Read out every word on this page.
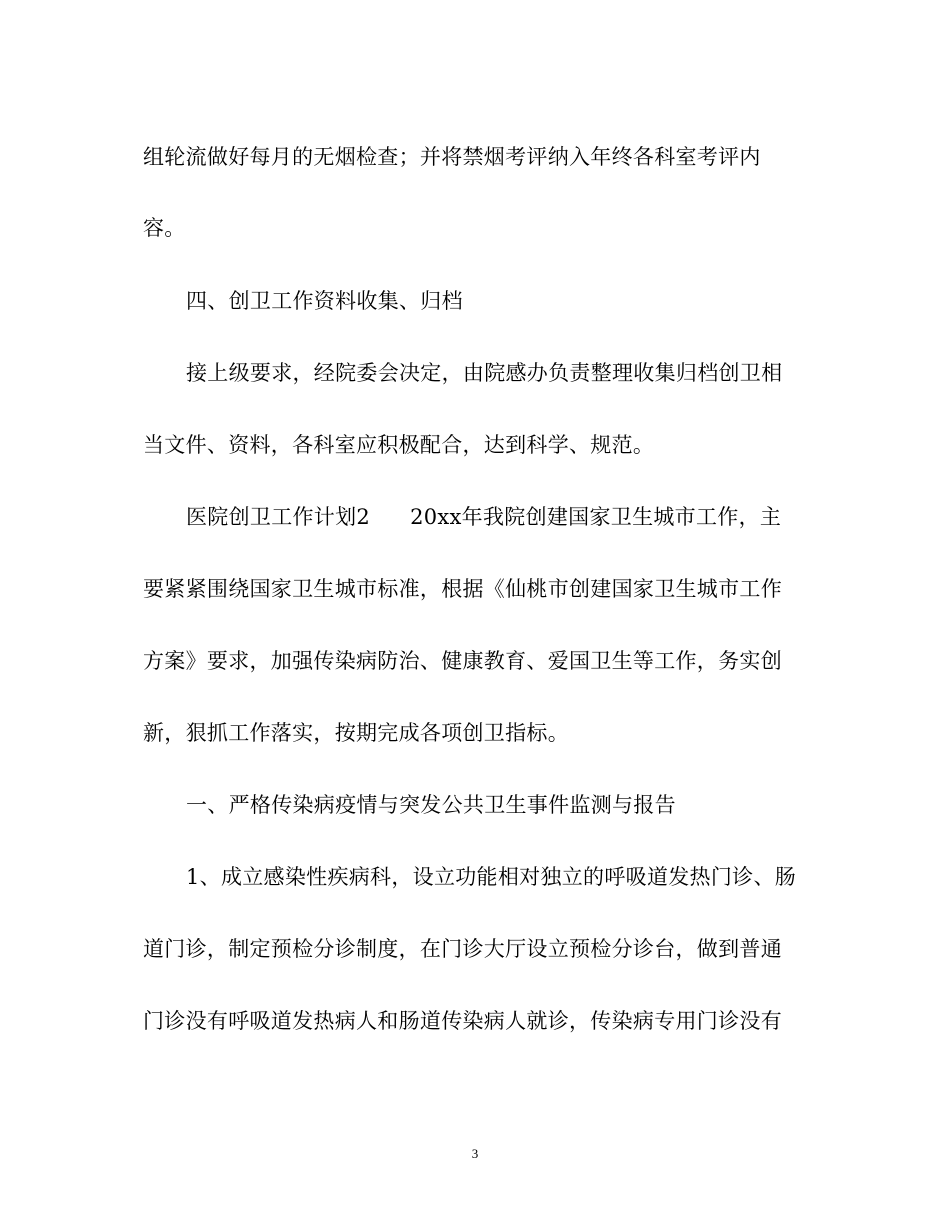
组轮流做好每月的无烟检查；并将禁烟考评纳入年终各科室考评内
容。
四、创卫工作资料收集、归档
接上级要求，经院委会决定，由院感办负责整理收集归档创卫相
当文件、资料，各科室应积极配合，达到科学、规范。
医院创卫工作计划2 20xx年我院创建国家卫生城市工作，主
要紧紧围绕国家卫生城市标准，根据《仙桃市创建国家卫生城市工作
方案》要求，加强传染病防治、健康教育、爱国卫生等工作，务实创
新，狠抓工作落实，按期完成各项创卫指标。
一、严格传染病疫情与突发公共卫生事件监测与报告
1、成立感染性疾病科，设立功能相对独立的呼吸道发热门诊、肠
道门诊，制定预检分诊制度，在门诊大厅设立预检分诊台，做到普通
门诊没有呼吸道发热病人和肠道传染病人就诊，传染病专用门诊没有
3
